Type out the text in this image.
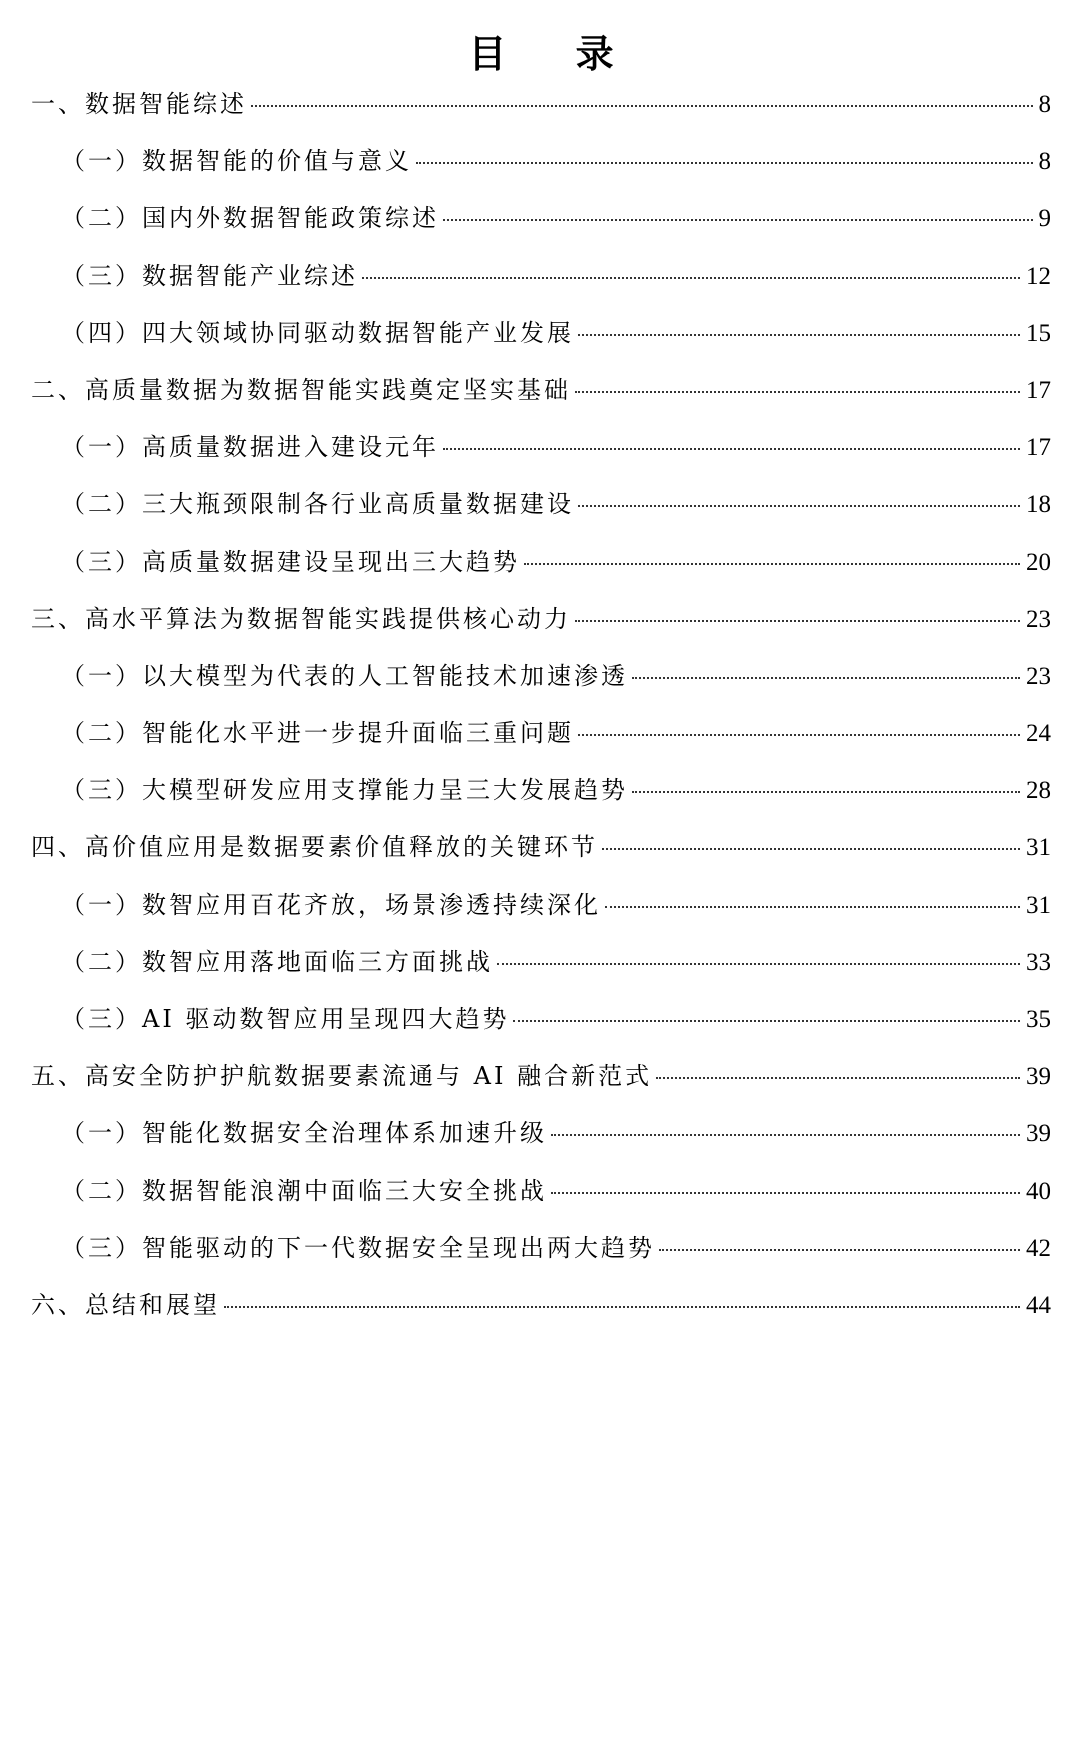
目 录
一、数据智能综述	8
（一）数据智能的价值与意义	8
（二）国内外数据智能政策综述	9
（三）数据智能产业综述	12
（四）四大领域协同驱动数据智能产业发展	15
二、高质量数据为数据智能实践奠定坚实基础	17
（一）高质量数据进入建设元年	17
（二）三大瓶颈限制各行业高质量数据建设	18
（三）高质量数据建设呈现出三大趋势	20
三、高水平算法为数据智能实践提供核心动力	23
（一）以大模型为代表的人工智能技术加速渗透	23
（二）智能化水平进一步提升面临三重问题	24
（三）大模型研发应用支撑能力呈三大发展趋势	28
四、高价值应用是数据要素价值释放的关键环节	31
（一）数智应用百花齐放，场景渗透持续深化	31
（二）数智应用落地面临三方面挑战	33
（三）AI 驱动数智应用呈现四大趋势	35
五、高安全防护护航数据要素流通与 AI 融合新范式	39
（一）智能化数据安全治理体系加速升级	39
（二）数据智能浪潮中面临三大安全挑战	40
（三）智能驱动的下一代数据安全呈现出两大趋势	42
六、总结和展望	44
